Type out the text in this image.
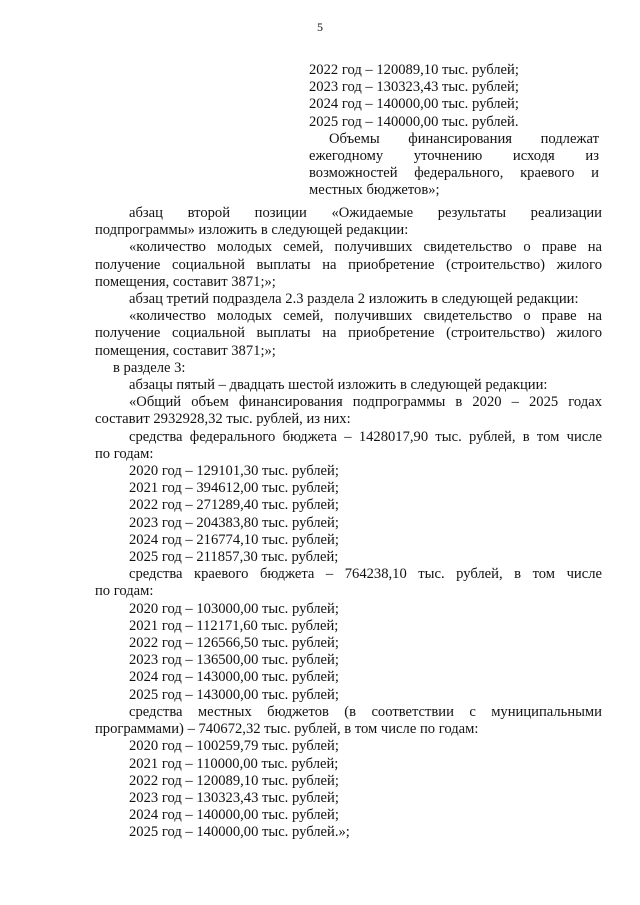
5
2022 год – 120089,10 тыс. рублей;
2023 год – 130323,43 тыс. рублей;
2024 год – 140000,00 тыс. рублей;
2025 год – 140000,00 тыс. рублей.
Объемы финансирования подлежат
ежегодному уточнению исходя из
возможностей федерального, краевого и
местных бюджетов»;
абзац второй позиции «Ожидаемые результаты реализации
подпрограммы» изложить в следующей редакции:
«количество молодых семей, получивших свидетельство о праве на
получение социальной выплаты на приобретение (строительство) жилого
помещения, составит 3871;»;
абзац третий подраздела 2.3 раздела 2 изложить в следующей редакции:
«количество молодых семей, получивших свидетельство о праве на
получение социальной выплаты на приобретение (строительство) жилого
помещения, составит 3871;»;
в разделе 3:
абзацы пятый – двадцать шестой изложить в следующей редакции:
«Общий объем финансирования подпрограммы в 2020 – 2025 годах
составит 2932928,32 тыс. рублей, из них:
средства федерального бюджета – 1428017,90 тыс. рублей, в том числе
по годам:
2020 год – 129101,30 тыс. рублей;
2021 год – 394612,00 тыс. рублей;
2022 год – 271289,40 тыс. рублей;
2023 год – 204383,80 тыс. рублей;
2024 год – 216774,10 тыс. рублей;
2025 год – 211857,30 тыс. рублей;
средства краевого бюджета – 764238,10 тыс. рублей, в том числе
по годам:
2020 год – 103000,00 тыс. рублей;
2021 год – 112171,60 тыс. рублей;
2022 год – 126566,50 тыс. рублей;
2023 год – 136500,00 тыс. рублей;
2024 год – 143000,00 тыс. рублей;
2025 год – 143000,00 тыс. рублей;
средства местных бюджетов (в соответствии с муниципальными
программами) – 740672,32 тыс. рублей, в том числе по годам:
2020 год – 100259,79 тыс. рублей;
2021 год – 110000,00 тыс. рублей;
2022 год – 120089,10 тыс. рублей;
2023 год – 130323,43 тыс. рублей;
2024 год – 140000,00 тыс. рублей;
2025 год – 140000,00 тыс. рублей.»;
